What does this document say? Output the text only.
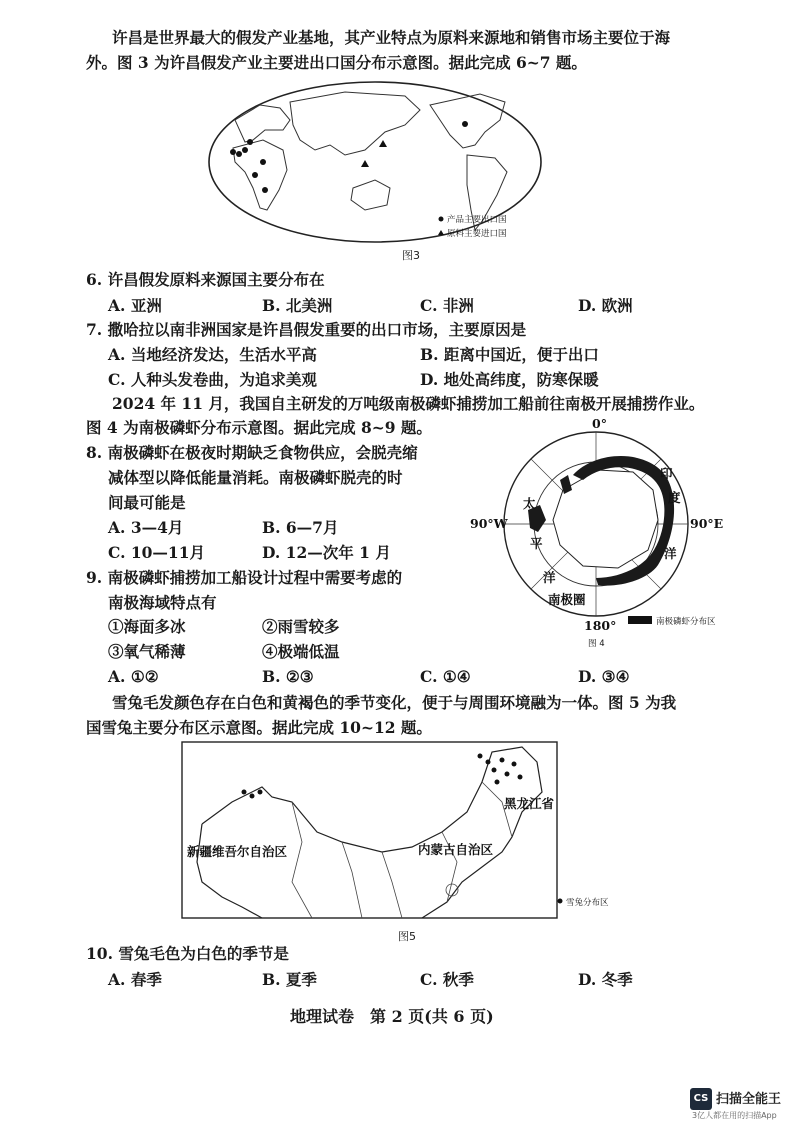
许昌是世界最大的假发产业基地，其产业特点为原料来源地和销售市场主要位于海
外。图 3 为许昌假发产业主要进出口国分布示意图。据此完成 6~7 题。
产品主要出口国
原料主要进口国
图3
6. 许昌假发原料来源国主要分布在
A. 亚洲	B. 北美洲	C. 非洲	D. 欧洲
7. 撒哈拉以南非洲国家是许昌假发重要的出口市场，主要原因是
A. 当地经济发达，生活水平高	B. 距离中国近，便于出口
C. 人种头发卷曲，为追求美观	D. 地处高纬度，防寒保暖
2024 年 11 月，我国自主研发的万吨级南极磷虾捕捞加工船前往南极开展捕捞作业。
图 4 为南极磷虾分布示意图。据此完成 8~9 题。
8. 南极磷虾在极夜时期缺乏食物供应，会脱壳缩
减体型以降低能量消耗。南极磷虾脱壳的时
间最可能是
A. 3—4月	B. 6—7月
C. 10—11月	D. 12—次年 1 月
0°
90°W	90°E
180°
太
平
洋
印
度
洋
南极圈
南极磷虾分布区
图 4
9. 南极磷虾捕捞加工船设计过程中需要考虑的
南极海域特点有
①海面多冰	②雨雪较多
③氧气稀薄	④极端低温
A. ①②	B. ②③	C. ①④	D. ③④
雪兔毛发颜色存在白色和黄褐色的季节变化，便于与周围环境融为一体。图 5 为我
国雪兔主要分布区示意图。据此完成 10~12 题。
黑龙江省
新疆维吾尔自治区	内蒙古自治区
雪兔分布区
图5
10. 雪兔毛色为白色的季节是
A. 春季	B. 夏季	C. 秋季	D. 冬季
地理试卷　第 2 页(共 6 页)
CS 扫描全能王
3亿人都在用的扫描App
